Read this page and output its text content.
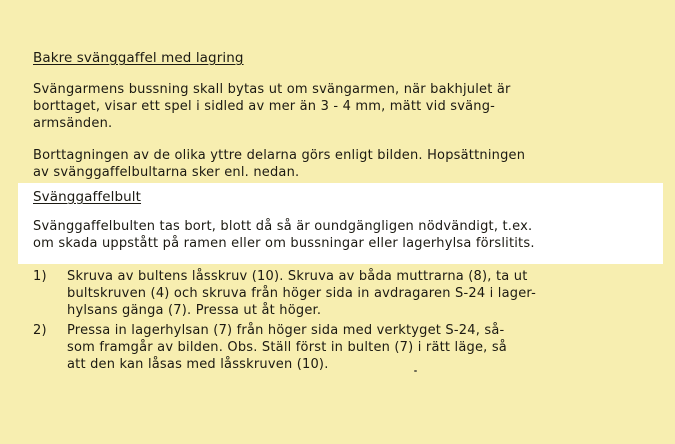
Bakre svänggaffel med lagring
Svängarmens bussning skall bytas ut om svängarmen, när bakhjulet är
borttaget, visar ett spel i sidled av mer än 3 - 4 mm, mätt vid sväng-
armsänden.
Borttagningen av de olika yttre delarna görs enligt bilden. Hopsättningen
av svänggaffelbultarna sker enl. nedan.
Svänggaffelbult
Svänggaffelbulten tas bort, blott då så är oundgängligen nödvändigt, t.ex.
om skada uppstått på ramen eller om bussningar eller lagerhylsa förslitits.
1)	Skruva av bultens låsskruv (10). Skruva av båda muttrarna (8), ta ut
bultskruven (4) och skruva från höger sida in avdragaren S-24 i lager-
hylsans gänga (7). Pressa ut åt höger.
2)	Pressa in lagerhylsan (7) från höger sida med verktyget S-24, så-
som framgår av bilden. Obs. Ställ först in bulten (7) i rätt läge, så
att den kan låsas med låsskruven (10).
